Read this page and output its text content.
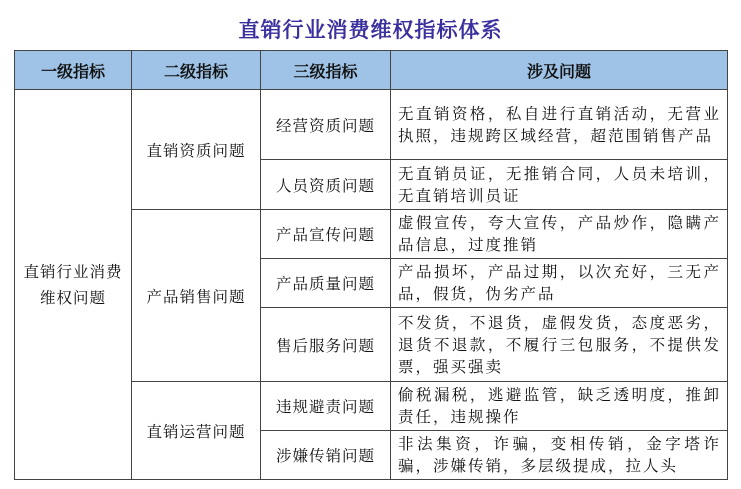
直销行业消费维权指标体系
一级指标	二级指标	三级指标	涉及问题
直销行业消费维权问题	直销资质问题	经营资质问题	无直销资格，私自进行直销活动，无营业执照，违规跨区域经营，超范围销售产品
		人员资质问题	无直销员证，无推销合同，人员未培训，无直销培训员证
	产品销售问题	产品宣传问题	虚假宣传，夸大宣传，产品炒作，隐瞒产品信息，过度推销
		产品质量问题	产品损坏，产品过期，以次充好，三无产品，假货，伪劣产品
		售后服务问题	不发货，不退货，虚假发货，态度恶劣，退货不退款，不履行三包服务，不提供发票，强买强卖
	直销运营问题	违规避责问题	偷税漏税，逃避监管，缺乏透明度，推卸责任，违规操作
		涉嫌传销问题	非法集资，诈骗，变相传销，金字塔诈骗，涉嫌传销，多层级提成，拉人头
